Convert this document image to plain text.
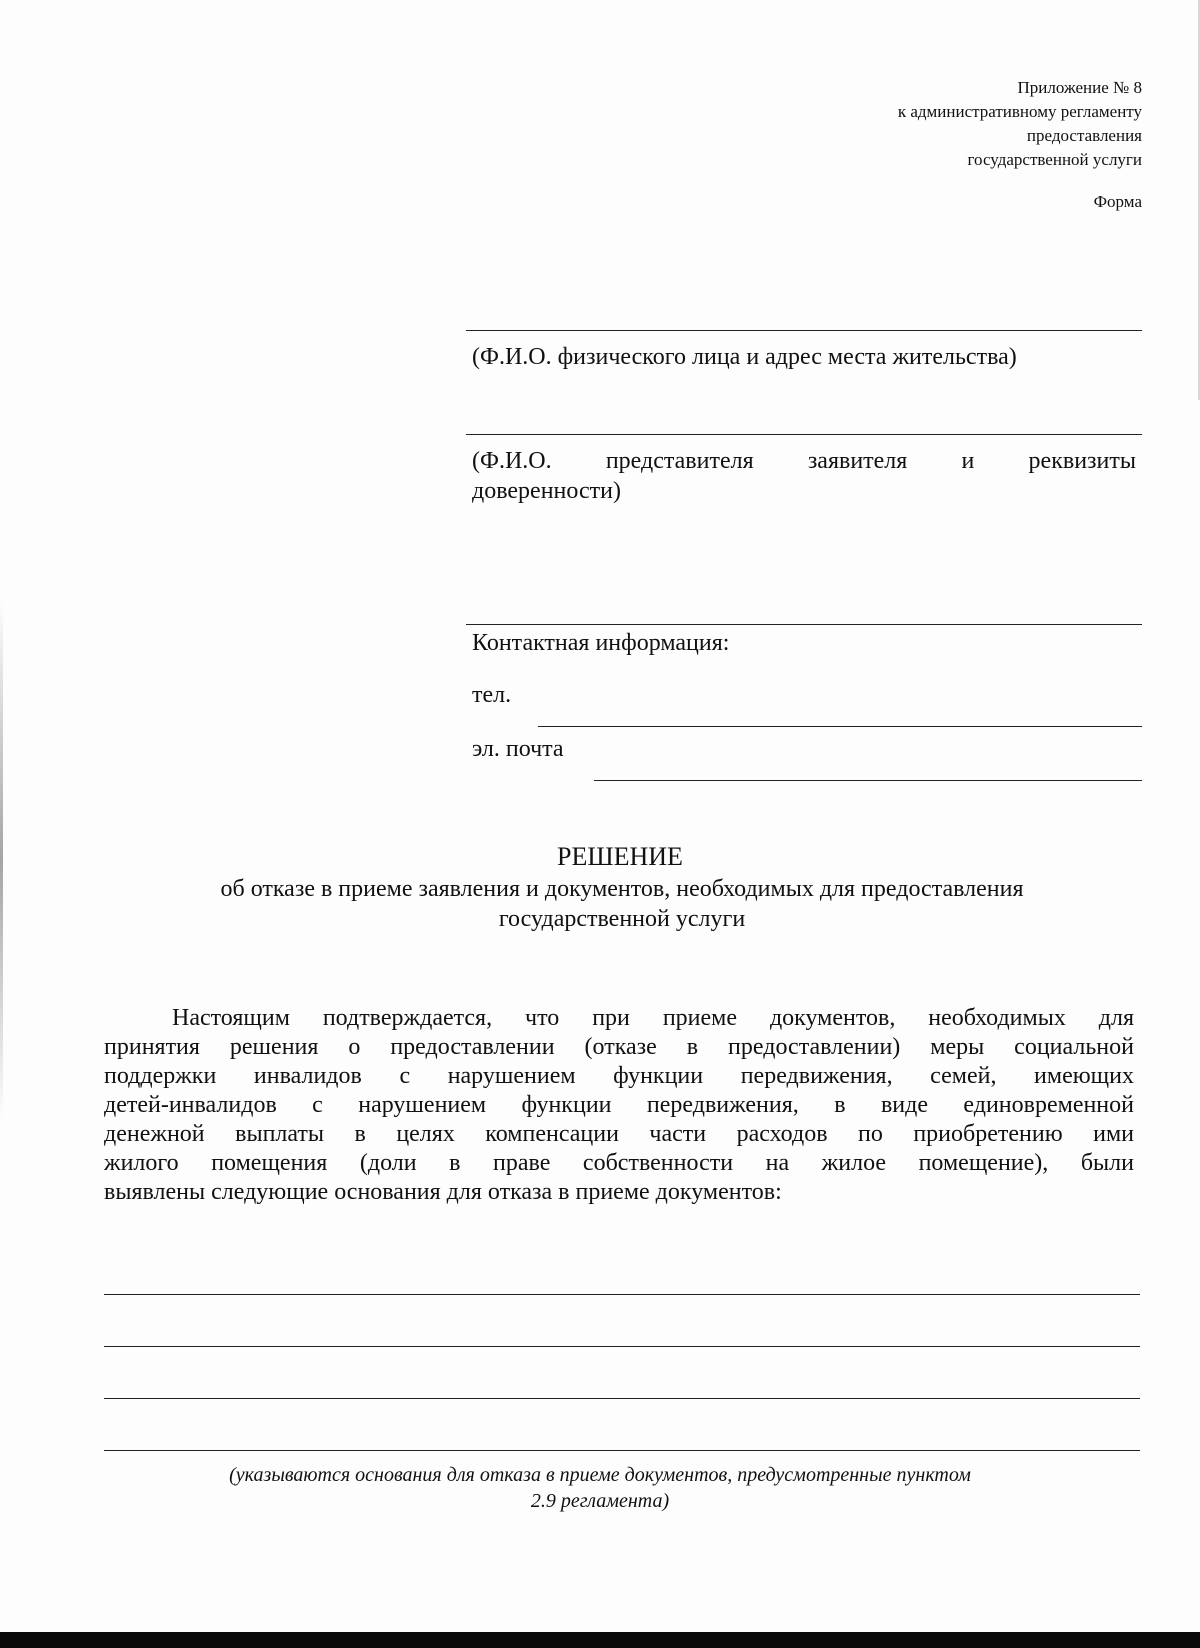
Приложение № 8
к административному регламенту
предоставления
государственной услуги
Форма
(Ф.И.О. физического лица и адрес места жительства)
(Ф.И.О. представителя заявителя и реквизиты
доверенности)
Контактная информация:
тел.
эл. почта
РЕШЕНИЕ
об отказе в приеме заявления и документов, необходимых для предоставления
государственной услуги
Настоящим подтверждается, что при приеме документов, необходимых для
принятия решения о предоставлении (отказе в предоставлении) меры социальной
поддержки инвалидов с нарушением функции передвижения, семей, имеющих
детей-инвалидов с нарушением функции передвижения, в виде единовременной
денежной выплаты в целях компенсации части расходов по приобретению ими
жилого помещения (доли в праве собственности на жилое помещение), были
выявлены следующие основания для отказа в приеме документов:
(указываются основания для отказа в приеме документов, предусмотренные пунктом
2.9 регламента)
